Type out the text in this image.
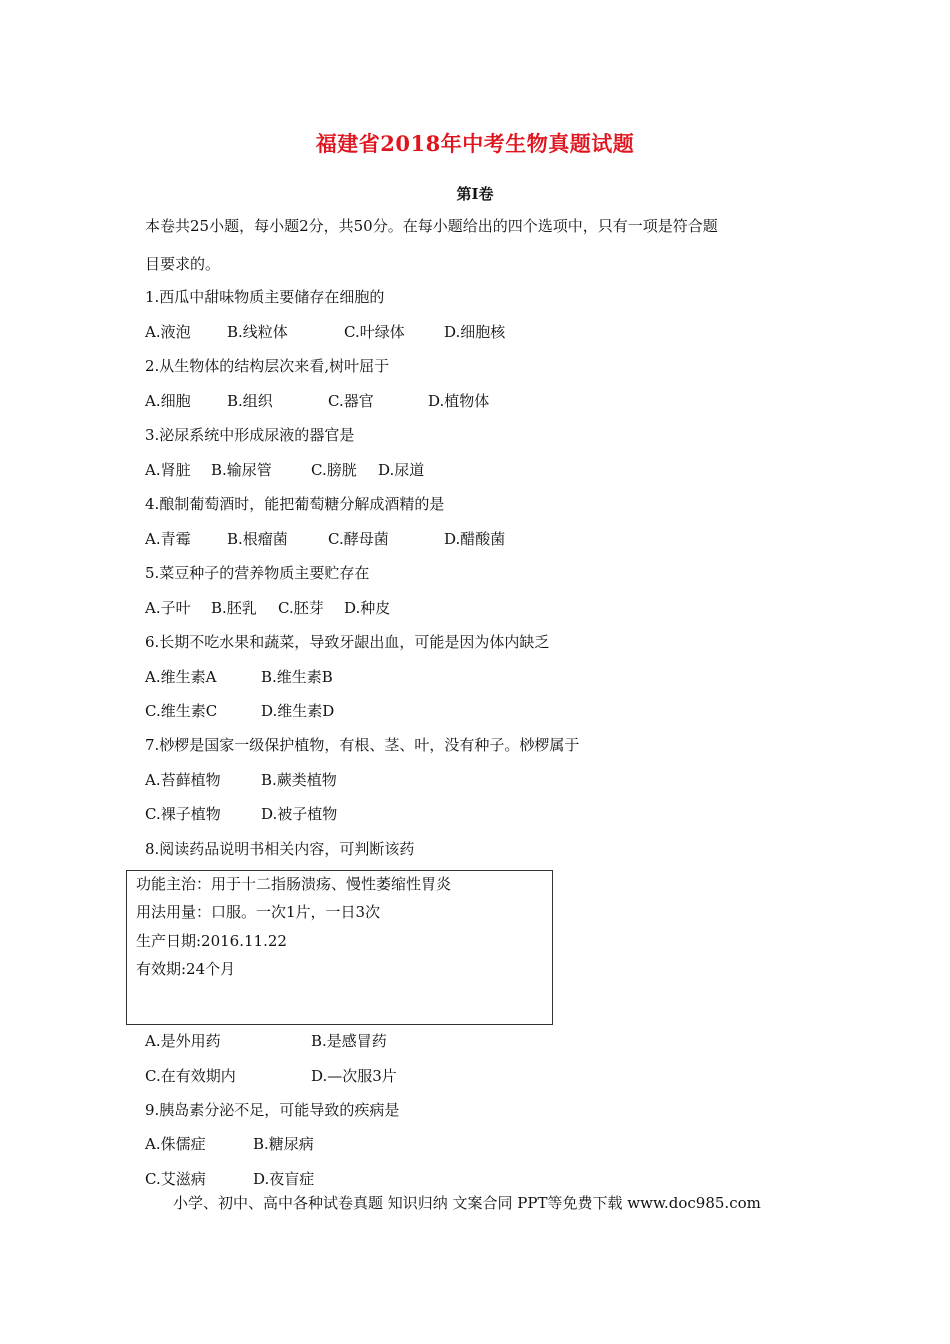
福建省2018年中考生物真题试题
第Ⅰ卷
本卷共25小题，每小题2分，共50分。在每小题给出的四个选项中，只有一项是符合题
目要求的。
1.西瓜中甜味物质主要储存在细胞的
A.液泡 B.线粒体	C.叶绿体	D.细胞核
2.从生物体的结构层次来看,树叶屈于
A.细胞 B.组织	C.器官	D.植物体
3.泌尿系统中形成尿液的器官是
A.肾脏 B.输尿管	C.膀胱 D.尿道
4.酿制葡萄酒时，能把葡萄糖分解成酒精的是
A.青霉 B.根瘤菌	C.酵母菌	D.醋酸菌
5.菜豆种子的营养物质主要贮存在
A.子叶 B.胚乳 C.胚芽 D.种皮
6.长期不吃水果和蔬菜，导致牙龈出血，可能是因为体内缺乏
A.维生素A	B.维生素B
C.维生素C	D.维生素D
7.桫椤是国家一级保护植物，有根、茎、叶，没有种子。桫椤属于
A.苔藓植物	B.蕨类植物
C.裸子植物	D.被子植物
8.阅读药品说明书相关内容，可判断该药
功能主治：用于十二指肠溃疡、慢性萎缩性胃炎
用法用量：口服。一次1片，一日3次
生产日期:2016.11.22
有效期:24个月
A.是外用药	B.是感冒药
C.在有效期内	D.—次服3片
9.胰岛素分泌不足，可能导致的疾病是
A.侏儒症	B.糖尿病
C.艾滋病	D.夜盲症
小学、初中、高中各种试卷真题 知识归纳 文案合同 PPT等免费下载 www.doc985.com
